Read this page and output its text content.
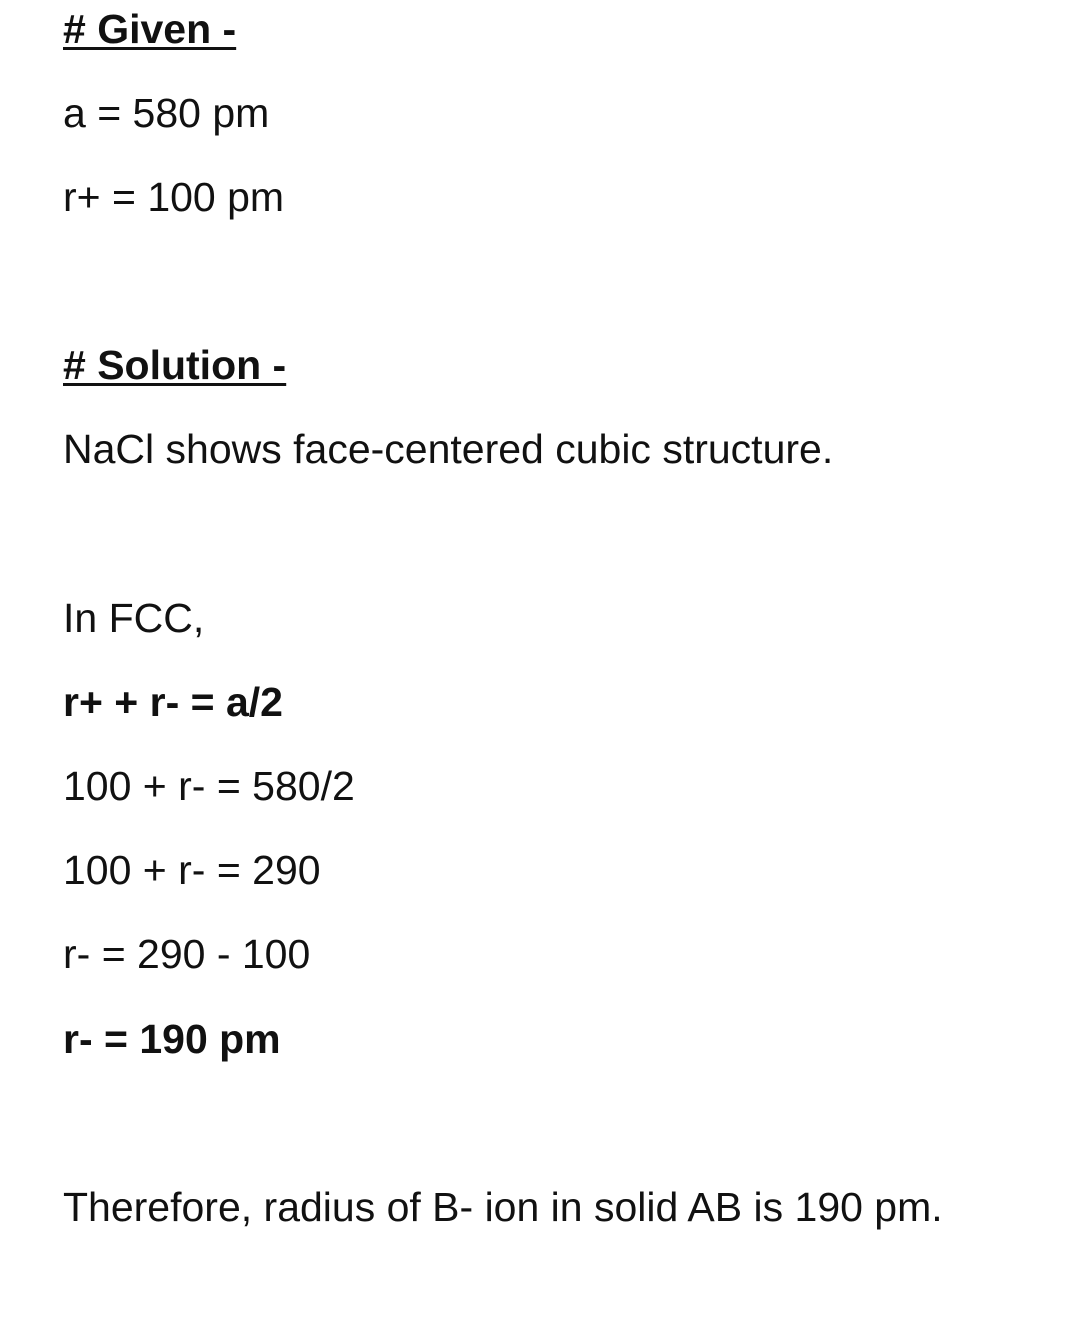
# Given -
a = 580 pm
r+ = 100 pm
# Solution -
NaCl shows face-centered cubic structure.
In FCC,
r+ + r- = a/2
100 + r- = 580/2
100 + r- = 290
r- = 290 - 100
r- = 190 pm
Therefore, radius of B- ion in solid AB is 190 pm.
